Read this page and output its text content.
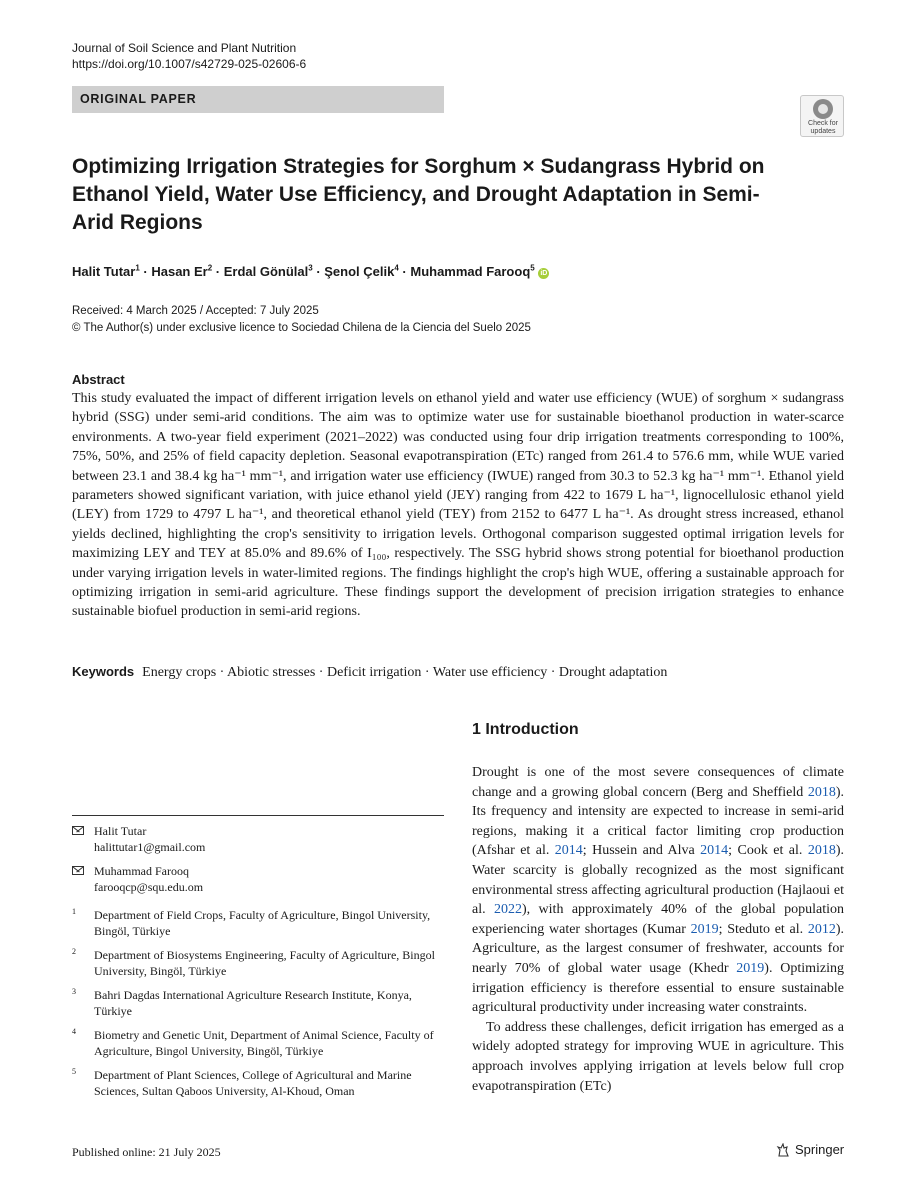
Journal of Soil Science and Plant Nutrition
https://doi.org/10.1007/s42729-025-02606-6
ORIGINAL PAPER
Check for
updates
Optimizing Irrigation Strategies for Sorghum × Sudangrass Hybrid on Ethanol Yield, Water Use Efficiency, and Drought Adaptation in Semi-Arid Regions
Halit Tutar$^1$ · Hasan $Er^2$ · Erdal Gönülal$^3$ · Şenol Çelik$^4$ · Muhammad Farooq$^5$ iD
Received: 4 March 2025 / Accepted: 7 July 2025
© The Author(s) under exclusive licence to Sociedad Chilena de la Ciencia del Suelo 2025
Abstract
This study evaluated the impact of different irrigation levels on ethanol yield and water use efficiency (WUE) of sorghum × sudangrass hybrid (SSG) under semi-arid conditions. The aim was to optimize water use for sustainable bioethanol production in water-scarce environments. A two-year field experiment (2021–2022) was conducted using four drip irrigation treatments corresponding to 100%, 75%, 50%, and 25% of field capacity depletion. Seasonal evapotranspiration (ETc) ranged from 261.4 to 576.6 mm, while WUE varied between 23.1 and 38.4 kg ha⁻¹ mm⁻¹, and irrigation water use efficiency (IWUE) ranged from 30.3 to 52.3 kg ha⁻¹ mm⁻¹. Ethanol yield parameters showed significant variation, with juice ethanol yield (JEY) ranging from 422 to 1679 L ha⁻¹, lignocellulosic ethanol yield (LEY) from 1729 to 4797 L ha⁻¹, and theoretical ethanol yield (TEY) from 2152 to 6477 L ha⁻¹. As drought stress increased, ethanol yields declined, highlighting the crop's sensitivity to irrigation levels. Orthogonal comparison suggested optimal irrigation levels for maximizing LEY and TEY at 85.0% and 89.6% of I₁₀₀, respectively. The SSG hybrid shows strong potential for bioethanol production under varying irrigation levels in water-limited regions. The findings highlight the crop's high WUE, offering a sustainable approach for optimizing irrigation in semi-arid agriculture. These findings support the development of precision irrigation strategies to enhance sustainable biofuel production in semi-arid regions.
Keywords Energy crops · Abiotic stresses · Deficit irrigation · Water use efficiency · Drought adaptation
Halit Tutar
halittutar1@gmail.com
Muhammad Farooq
farooqcp@squ.edu.om
1 Department of Field Crops, Faculty of Agriculture, Bingol University, Bingöl, Türkiye
2 Department of Biosystems Engineering, Faculty of Agriculture, Bingol University, Bingöl, Türkiye
3 Bahri Dagdas International Agriculture Research Institute, Konya, Türkiye
4 Biometry and Genetic Unit, Department of Animal Science, Faculty of Agriculture, Bingol University, Bingöl, Türkiye
5 Department of Plant Sciences, College of Agricultural and Marine Sciences, Sultan Qaboos University, Al-Khoud, Oman
1 Introduction

Drought is one of the most severe consequences of climate change and a growing global concern (Berg and Sheffield 2018). Its frequency and intensity are expected to increase in semi-arid regions, making it a critical factor limiting crop production (Afshar et al. 2014; Hussein and Alva 2014; Cook et al. 2018). Water scarcity is globally recognized as the most significant environmental stress affecting agricultural production (Hajlaoui et al. 2022), with approximately 40% of the global population experiencing water shortages (Kumar 2019; Steduto et al. 2012). Agriculture, as the largest consumer of freshwater, accounts for nearly 70% of global water usage (Khedr 2019). Optimizing irrigation efficiency is therefore essential to ensure sustainable agricultural productivity under increasing water constraints.

To address these challenges, deficit irrigation has emerged as a widely adopted strategy for improving WUE in agriculture. This approach involves applying irrigation at levels below full crop evapotranspiration (ETc)

Published online: 21 July 2025	Springer
